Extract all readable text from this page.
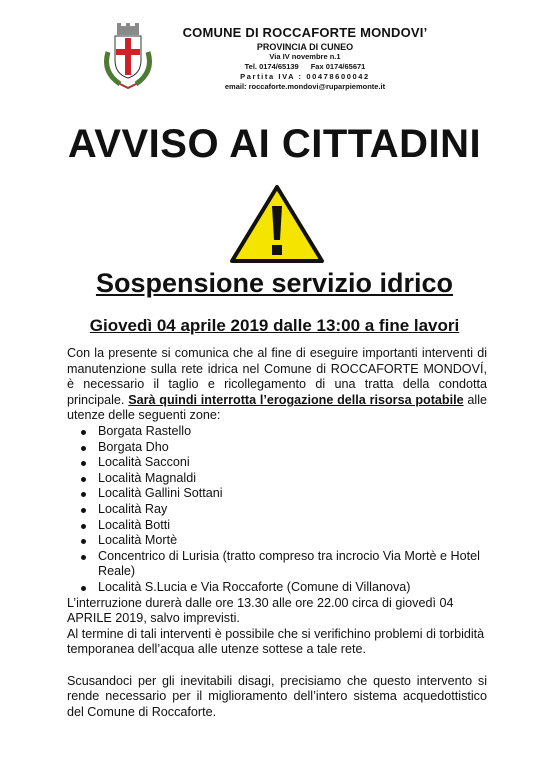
COMUNE DI ROCCAFORTE MONDOVI’
PROVINCIA DI CUNEO
Via IV novembre n.1
Tel. 0174/65139 Fax 0174/65671
Partita IVA : 00478600042
email: roccaforte.mondovi@ruparpiemonte.it
AVVISO AI CITTADINI
Sospensione servizio idrico
Giovedì 04 aprile 2019 dalle 13:00 a fine lavori

Con la presente si comunica che al fine di eseguire importanti interventi di manutenzione sulla rete idrica nel Comune di ROCCAFORTE MONDOVÍ, è necessario il taglio e ricollegamento di una tratta della condotta principale. Sarà quindi interrotta l’erogazione della risorsa potabile alle utenze delle seguenti zone:

Borgata Rastello
Borgata Dho
Località Sacconi
Località Magnaldi
Località Gallini Sottani
Località Ray
Località Botti
Località Mortè
Concentrico di Lurisia (tratto compreso tra incrocio Via Mortè e Hotel Reale)
Località S.Lucia e Via Roccaforte (Comune di Villanova)

L’interruzione durerà dalle ore 13.30 alle ore 22.00 circa di giovedì 04 APRILE 2019, salvo imprevisti.

Al termine di tali interventi è possibile che si verifichino problemi di torbidità temporanea dell’acqua alle utenze sottese a tale rete.

Scusandoci per gli inevitabili disagi, precisiamo che questo intervento si rende necessario per il miglioramento dell’intero sistema acquedottistico del Comune di Roccaforte.
